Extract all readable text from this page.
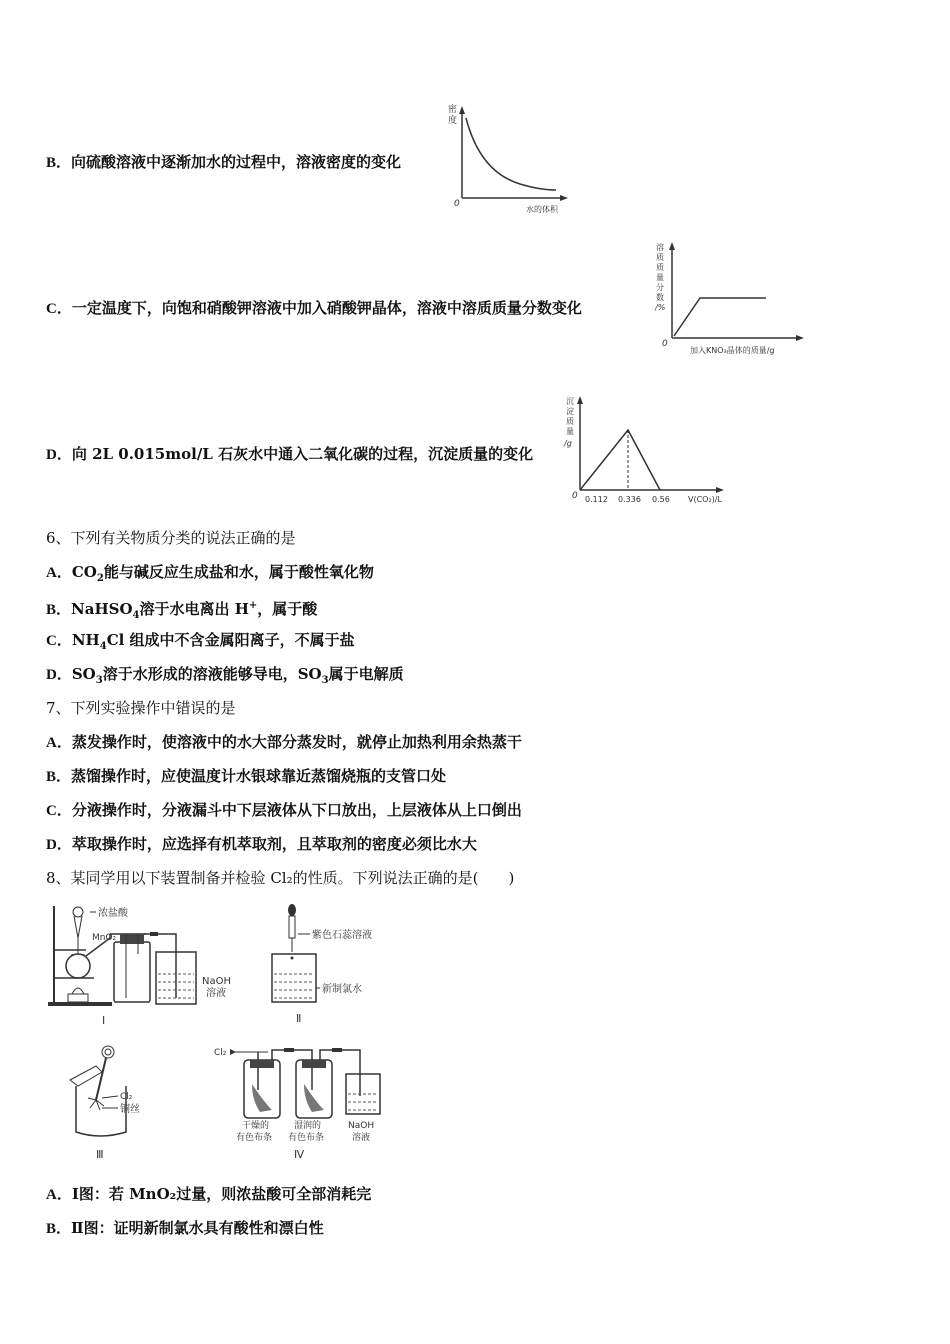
B．向硫酸溶液中逐渐加水的过程中，溶液密度的变化
密
度
0
水的体积
C．一定温度下，向饱和硝酸钾溶液中加入硝酸钾晶体，溶液中溶质质量分数变化
溶
质
质
量
分
数
/%
0
加入KNO₃晶体的质量/g
D．向 2L 0.015mol/L 石灰水中通入二氧化碳的过程，沉淀质量的变化
沉
淀
质
量
/g
0 0.112 0.336 0.56 V(CO₂)/L
6、下列有关物质分类的说法正确的是
A．$CO_2$能与碱反应生成盐和水，属于酸性氧化物
B．NaHSO$_4$溶于水电离出 H+，属于酸
C．$NH_4Cl$ 组成中不含金属阳离子，不属于盐
D．$SO_3$溶于水形成的溶液能够导电，$SO_3$属于电解质
7、下列实验操作中错误的是
A．蒸发操作时，使溶液中的水大部分蒸发时，就停止加热利用余热蒸干
B．蒸馏操作时，应使温度计水银球靠近蒸馏烧瓶的支管口处
C．分液操作时，分液漏斗中下层液体从下口放出，上层液体从上口倒出
D．萃取操作时，应选择有机萃取剂，且萃取剂的密度必须比水大
8、某同学用以下装置制备并检验 Cl₂的性质。下列说法正确的是(　　)
浓盐酸
MnO₂
NaOH
溶液
Ⅰ
紫色石蕊溶液
新制氯水
Ⅱ
Cl₂
铜丝
Ⅲ
Cl₂
干燥的
有色布条
湿润的
有色布条
NaOH
溶液
Ⅳ
A．Ⅰ图：若 MnO₂过量，则浓盐酸可全部消耗完
B．Ⅱ图：证明新制氯水具有酸性和漂白性
